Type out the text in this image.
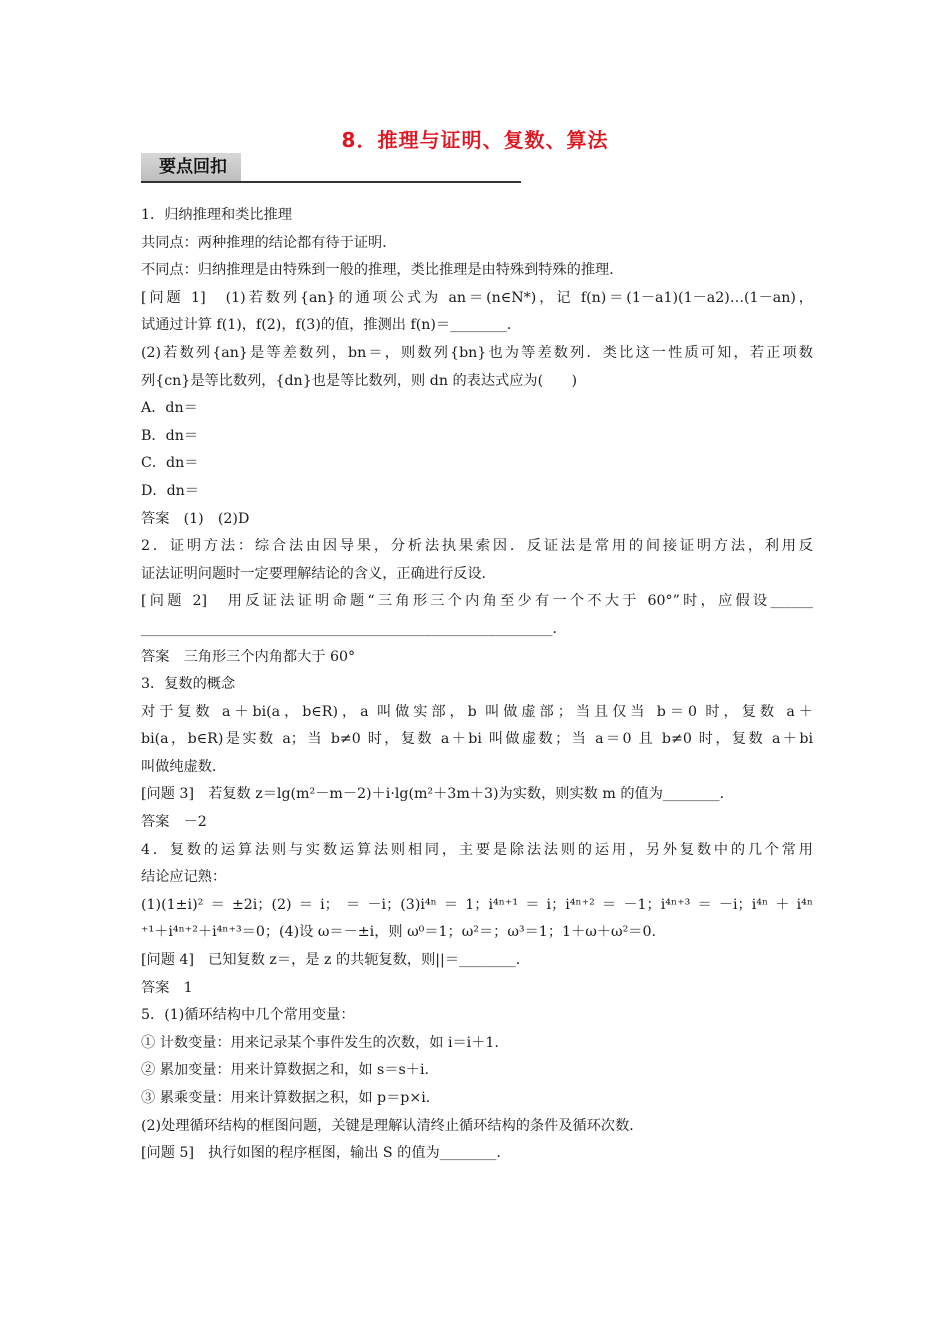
8．推理与证明、复数、算法
要点回扣
1．归纳推理和类比推理
共同点：两种推理的结论都有待于证明．
不同点：归纳推理是由特殊到一般的推理，类比推理是由特殊到特殊的推理．
[问题 1]　(1)若数列{an}的通项公式为 an＝(n∈N*)，记 f(n)＝(1－a1)(1－a2)…(1－an)，
试通过计算 f(1)，f(2)，f(3)的值，推测出 f(n)＝________．
(2)若数列{an}是等差数列，bn＝，则数列{bn}也为等差数列．类比这一性质可知，若正项数
列{cn}是等比数列，{dn}也是等比数列，则 dn 的表达式应为(　　)
A．dn＝
B．dn＝
C．dn＝
D．dn＝
答案　(1)　(2)D
2．证明方法：综合法由因导果，分析法执果索因．反证法是常用的间接证明方法，利用反
证法证明问题时一定要理解结论的含义，正确进行反设．
[问题 2]　用反证法证明命题“三角形三个内角至少有一个不大于 60°”时，应假设______
__________________________________________________________．
答案　三角形三个内角都大于 60°
3．复数的概念
对于复数 a＋bi(a，b∈R)，a 叫做实部，b 叫做虚部；当且仅当 b＝0 时，复数 a＋
bi(a，b∈R)是实数 a；当 b≠0 时，复数 a＋bi 叫做虚数；当 a＝0 且 b≠0 时，复数 a＋bi
叫做纯虚数．
[问题 3]　若复数 z＝lg(m²－m－2)＋i·lg(m²＋3m＋3)为实数，则实数 m 的值为________．
答案　－2
4．复数的运算法则与实数运算法则相同，主要是除法法则的运用，另外复数中的几个常用
结论应记熟：
(1)(1±i)²＝±2i；(2)＝i；＝－i；(3)i⁴ⁿ＝1；i⁴ⁿ⁺¹＝i；i⁴ⁿ⁺²＝－1；i⁴ⁿ⁺³＝－i；i⁴ⁿ＋i⁴ⁿ
⁺¹＋i⁴ⁿ⁺²＋i⁴ⁿ⁺³＝0；(4)设 ω＝－±i，则 ω⁰＝1；ω²＝；ω³＝1；1＋ω＋ω²＝0.
[问题 4]　已知复数 z＝，是 z 的共轭复数，则||＝________．
答案　1
5．(1)循环结构中几个常用变量：
① 计数变量：用来记录某个事件发生的次数，如 i＝i＋1.
② 累加变量：用来计算数据之和，如 s＝s＋i.
③ 累乘变量：用来计算数据之积，如 p＝p×i.
(2)处理循环结构的框图问题，关键是理解认清终止循环结构的条件及循环次数．
[问题 5]　执行如图的程序框图，输出 S 的值为________．
